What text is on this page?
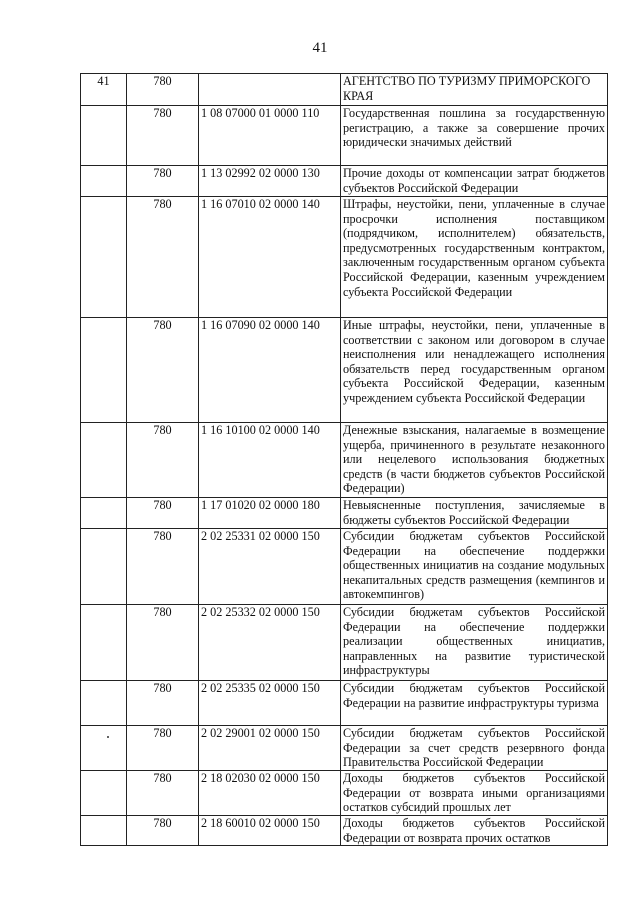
41
41	780		АГЕНТСТВО ПО ТУРИЗМУ ПРИМОРСКОГО КРАЯ
	780	1 08 07000 01 0000 110	Государственная пошлина за государственную регистрацию, а также за совершение прочих юридически значимых действий
	780	1 13 02992 02 0000 130	Прочие доходы от компенсации затрат бюджетов субъектов Российской Федерации
	780	1 16 07010 02 0000 140	Штрафы, неустойки, пени, уплаченные в случае просрочки исполнения поставщиком (подрядчиком, исполнителем) обязательств, предусмотренных государственным контрактом, заключенным государственным органом субъекта Российской Федерации, казенным учреждением субъекта Российской Федерации
	780	1 16 07090 02 0000 140	Иные штрафы, неустойки, пени, уплаченные в соответствии с законом или договором в случае неисполнения или ненадлежащего исполнения обязательств перед государственным органом субъекта Российской Федерации, казенным учреждением субъекта Российской Федерации
	780	1 16 10100 02 0000 140	Денежные взыскания, налагаемые в возмещение ущерба, причиненного в результате незаконного или нецелевого использования бюджетных средств (в части бюджетов субъектов Российской Федерации)
	780	1 17 01020 02 0000 180	Невыясненные поступления, зачисляемые в бюджеты субъектов Российской Федерации
	780	2 02 25331 02 0000 150	Субсидии бюджетам субъектов Российской Федерации на обеспечение поддержки общественных инициатив на создание модульных некапитальных средств размещения (кемпингов и автокемпингов)
	780	2 02 25332 02 0000 150	Субсидии бюджетам субъектов Российской Федерации на обеспечение поддержки реализации общественных инициатив, направленных на развитие туристической инфраструктуры
	780	2 02 25335 02 0000 150	Субсидии бюджетам субъектов Российской Федерации на развитие инфраструктуры туризма
	780	2 02 29001 02 0000 150	Субсидии бюджетам субъектов Российской Федерации за счет средств резервного фонда Правительства Российской Федерации
	780	2 18 02030 02 0000 150	Доходы бюджетов субъектов Российской Федерации от возврата иными организациями остатков субсидий прошлых лет
	780	2 18 60010 02 0000 150	Доходы бюджетов субъектов Российской Федерации от возврата прочих остатков
